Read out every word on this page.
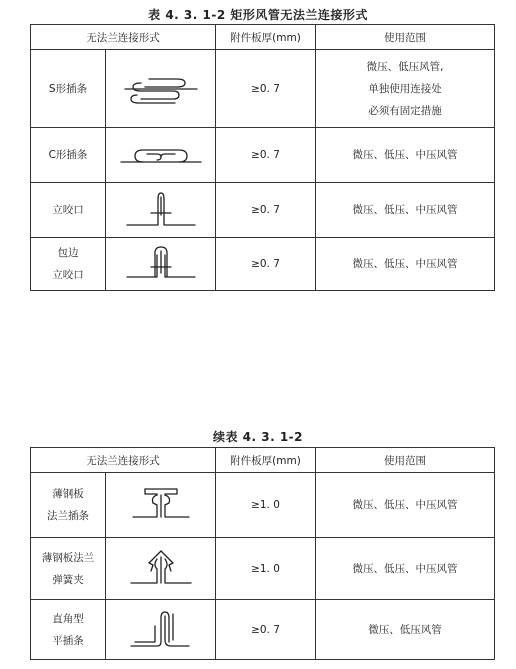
表 4. 3. 1-2 矩形风管无法兰连接形式
无法兰连接形式		附件板厚(mm)	使用范围
S形插条		≥0. 7	微压、低压风管,
单独使用连接处
必须有固定措施

C形插条		≥0. 7	微压、低压、中压风管

立咬口		≥0. 7	微压、低压、中压风管

包边
立咬口		≥0. 7	微压、低压、中压风管
续表 4. 3. 1-2
无法兰连接形式		附件板厚(mm)	使用范围

薄钢板
法兰插条		≥1. 0	微压、低压、中压风管

薄钢板法兰
弹簧夹		≥1. 0	微压、低压、中压风管

直角型
平插条		≥0. 7	微压、低压风管
